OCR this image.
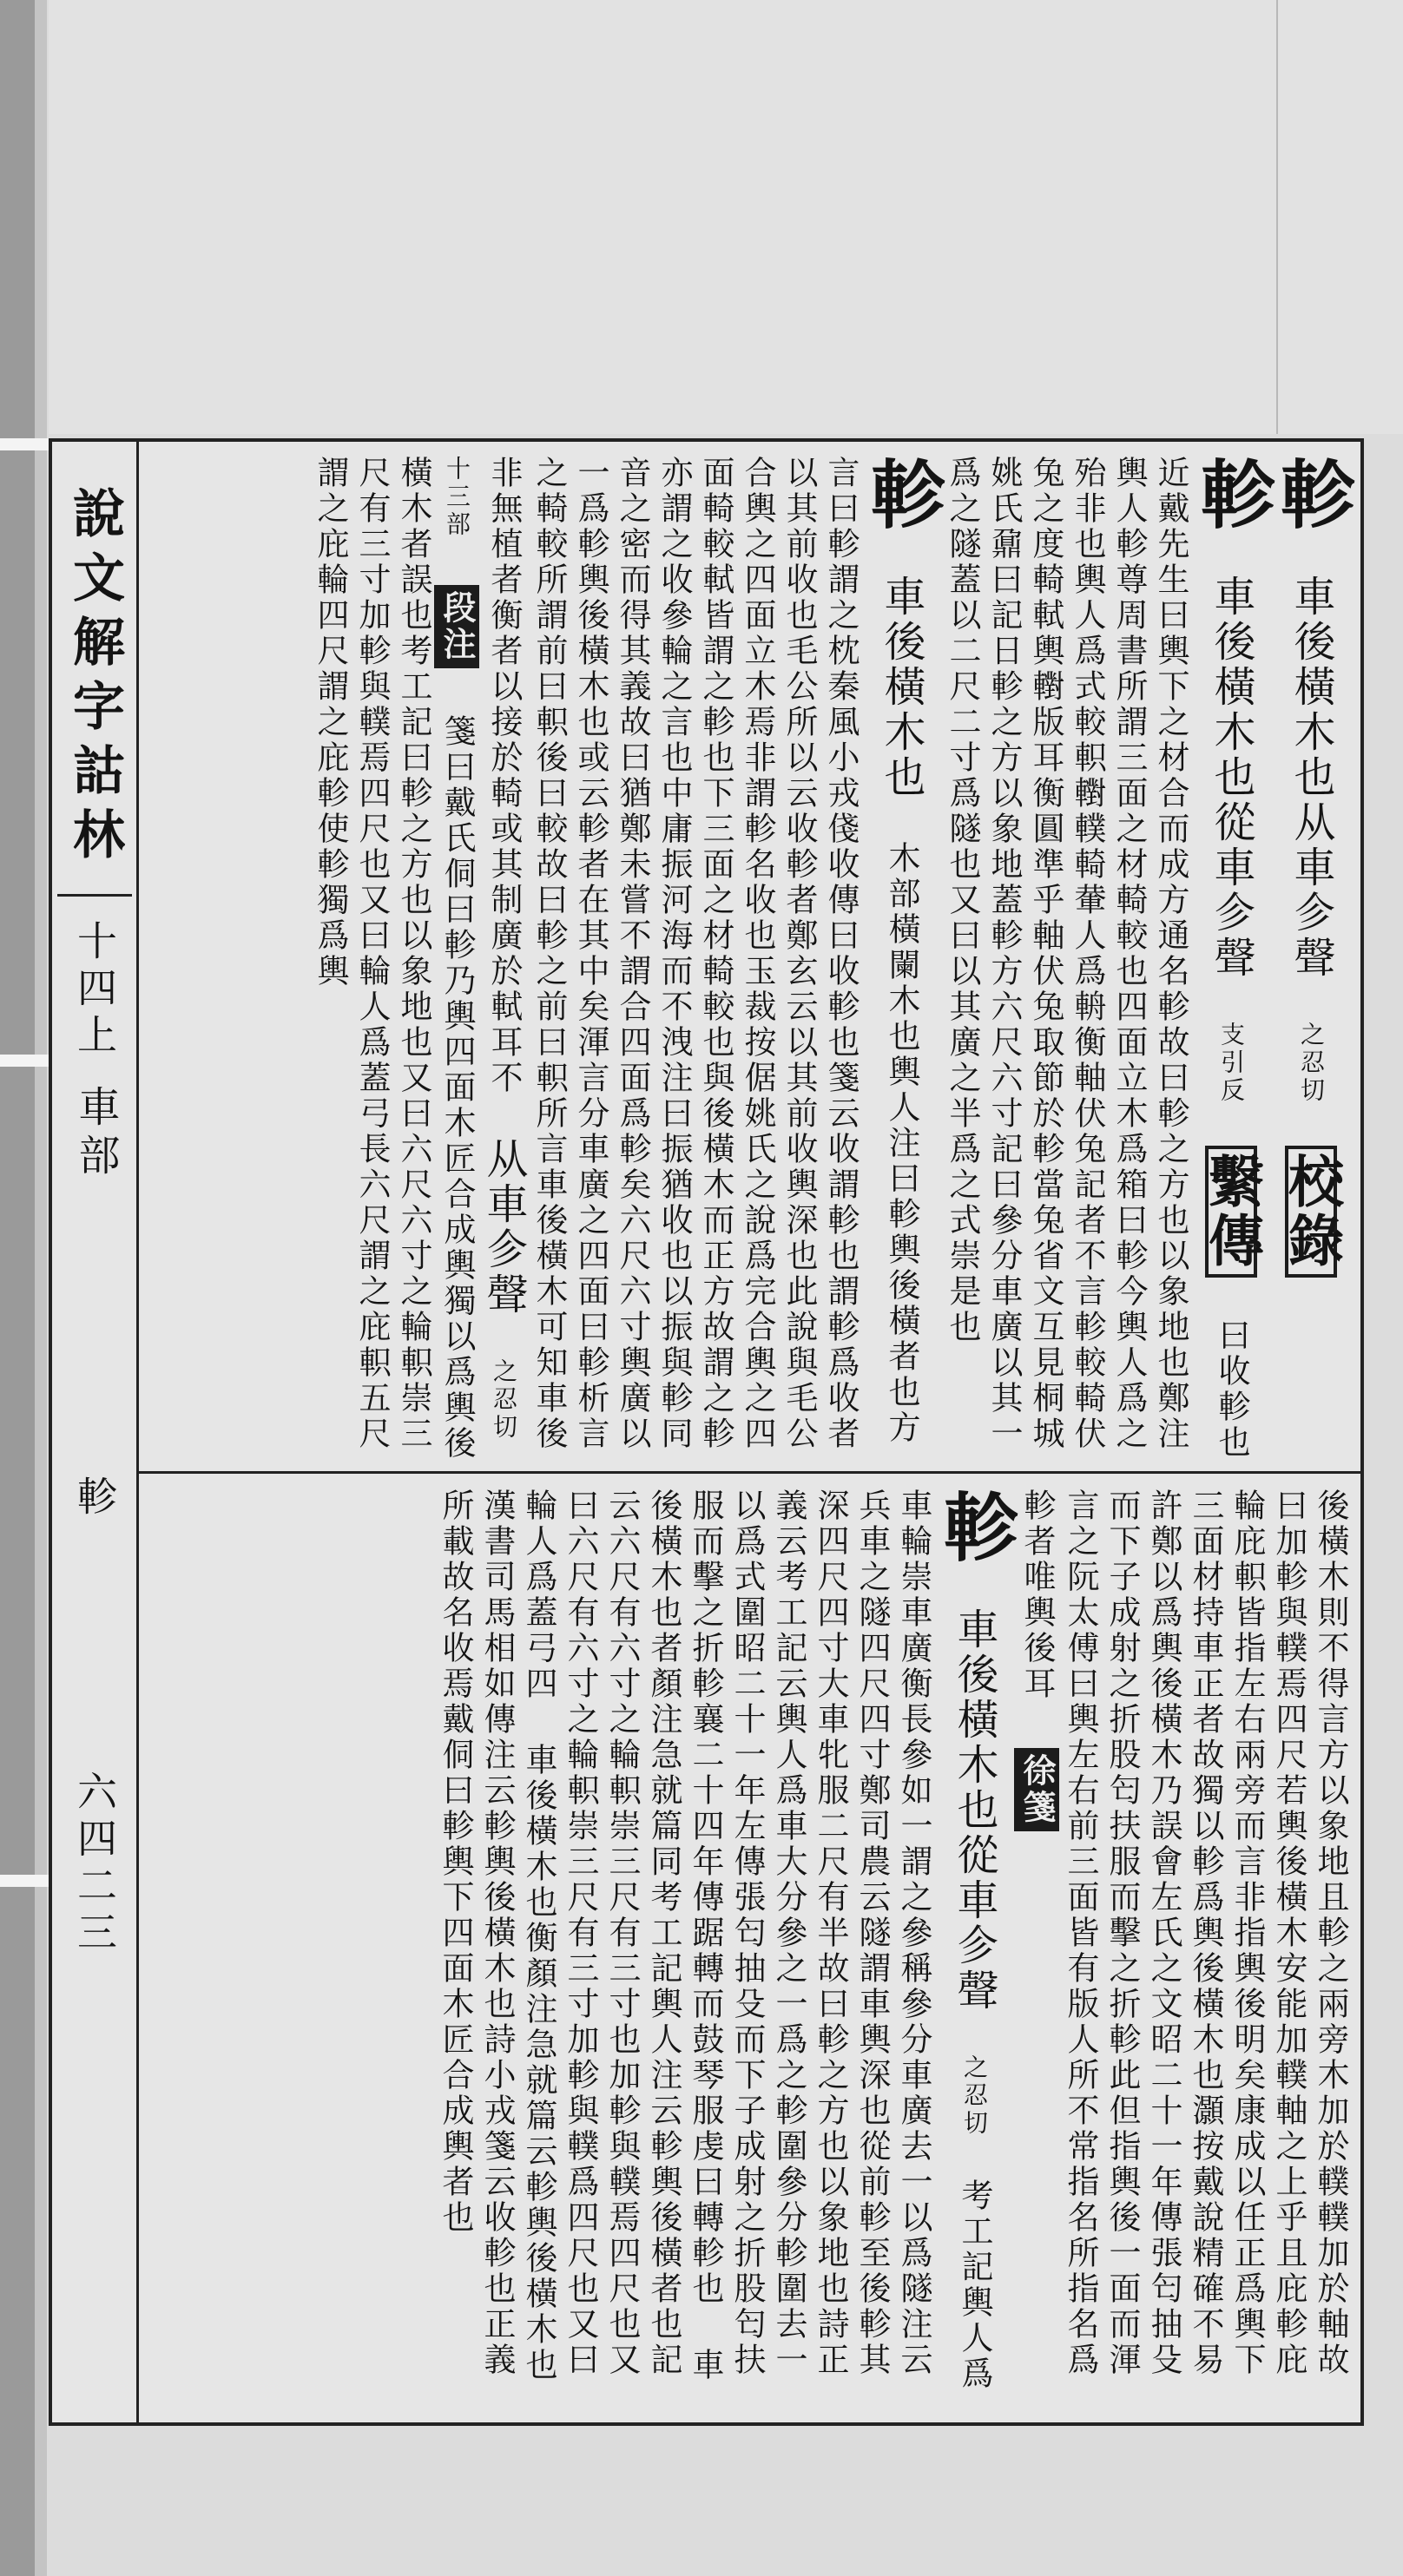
說文解字詁林
十四上
車部
軫
六四二三
軫 車後橫木也从車㐱聲 之忍切 校錄
軫 車後橫木也從車㐱聲 支引反 繫傳 曰收軫也近戴先生曰輿下之材合而成方通名軫故曰軫之方也以象地也鄭注輿人軫尊周書所謂三面之材輢較也四面立木爲箱曰軫今輿人爲之殆非也輿人爲式較軹轛轐輢輂人爲輈衡軸伏兔記者不言軫較輢伏兔之度輢軾輿轛版耳衡圓準乎軸伏兔取節於軫當兔省文互見桐城姚氏鼐曰記日軫之方以象地蓋軫方六尺六寸記曰參分車廣以其一爲之隧蓋以二尺二寸爲隧也又曰以其廣之半爲之式崇是也
軫 車後橫木也 木部橫闌木也輿人注曰軫輿後橫者也方言曰軫謂之枕秦風小戎俴收傳曰收軫也箋云收謂軫也謂軫爲收者以其前收也毛公所以云收軫者鄭玄云以其前收輿深也此說與毛公合輿之四面立木焉非謂軫名收也玉裁按倨姚氏之說爲完合輿之四面輢較軾皆謂之軫也下三面之材輢較也與後橫木而正方故謂之軫亦謂之收參輪之言也中庸振河海而不洩注曰振猶收也以振與軫同音之密而得其義故曰猶鄭未嘗不謂合四面爲軫矣六尺六寸輿廣以一爲軫輿後橫木也或云軫者在其中矣渾言分車廣之四面曰軫析言之輢較所謂前曰軹後曰較故曰軫之前曰軹所言車後橫木可知車後非無植者衡者以接於輢或其制廣於軾耳不 从車㐱聲 之忍切十三部 段注 箋曰戴氏侗曰軫乃輿四面木匠合成輿獨以爲輿後橫木者誤也考工記曰軫之方也以象地也又曰六尺六寸之輪軹崇三尺有三寸加軫與轐焉四尺也又曰輪人爲蓋弓長六尺謂之庇軹五尺謂之庇輪四尺謂之庇軫使軫獨爲輿
後橫木則不得言方以象地且軫之兩旁木加於轐轐加於軸故曰加軫與轐焉四尺若輿後橫木安能加轐軸之上乎且庇軫庇輪庇軹皆指左右兩旁而言非指輿後明矣康成以任正爲輿下三面材持車正者故獨以軫爲輿後橫木也灝按戴說精確不易許鄭以爲輿後橫木乃誤會左氏之文昭二十一年傳張匄抽殳而下子成射之折股匄扶服而擊之折軫此但指輿後一面而渾言之阮太傅曰輿左右前三面皆有版人所不常指名所指名爲軫者唯輿後耳 徐箋
軫 車後橫木也從車㐱聲 之忍切 考工記輿人爲車輪崇車廣衡長參如一謂之參稱參分車廣去一以爲隧注云兵車之隧四尺四寸鄭司農云隧謂車輿深也從前軫至後軫其深四尺四寸大車牝服二尺有半故曰軫之方也以象地也詩正義云考工記云輿人爲車大分參之一爲之軫圍參分軫圍去一以爲式圍昭二十一年左傳張匄抽殳而下子成射之折股匄扶服而擊之折軫襄二十四年傳踞轉而鼓琴服虔曰轉軫也 車後橫木也者顏注急就篇同考工記輿人注云軫輿後橫者也記云六尺有六寸之輪軹崇三尺有三寸也加軫與轐焉四尺也又曰六尺有六寸之輪軹崇三尺有三寸加軫與轐爲四尺也又曰輪人爲蓋弓四 車後橫木也衡顏注急就篇云軫輿後橫木也漢書司馬相如傳注云軫輿後橫木也詩小戎箋云收軫也正義所載故名收焉戴侗曰軫輿下四面木匠合成輿者也
